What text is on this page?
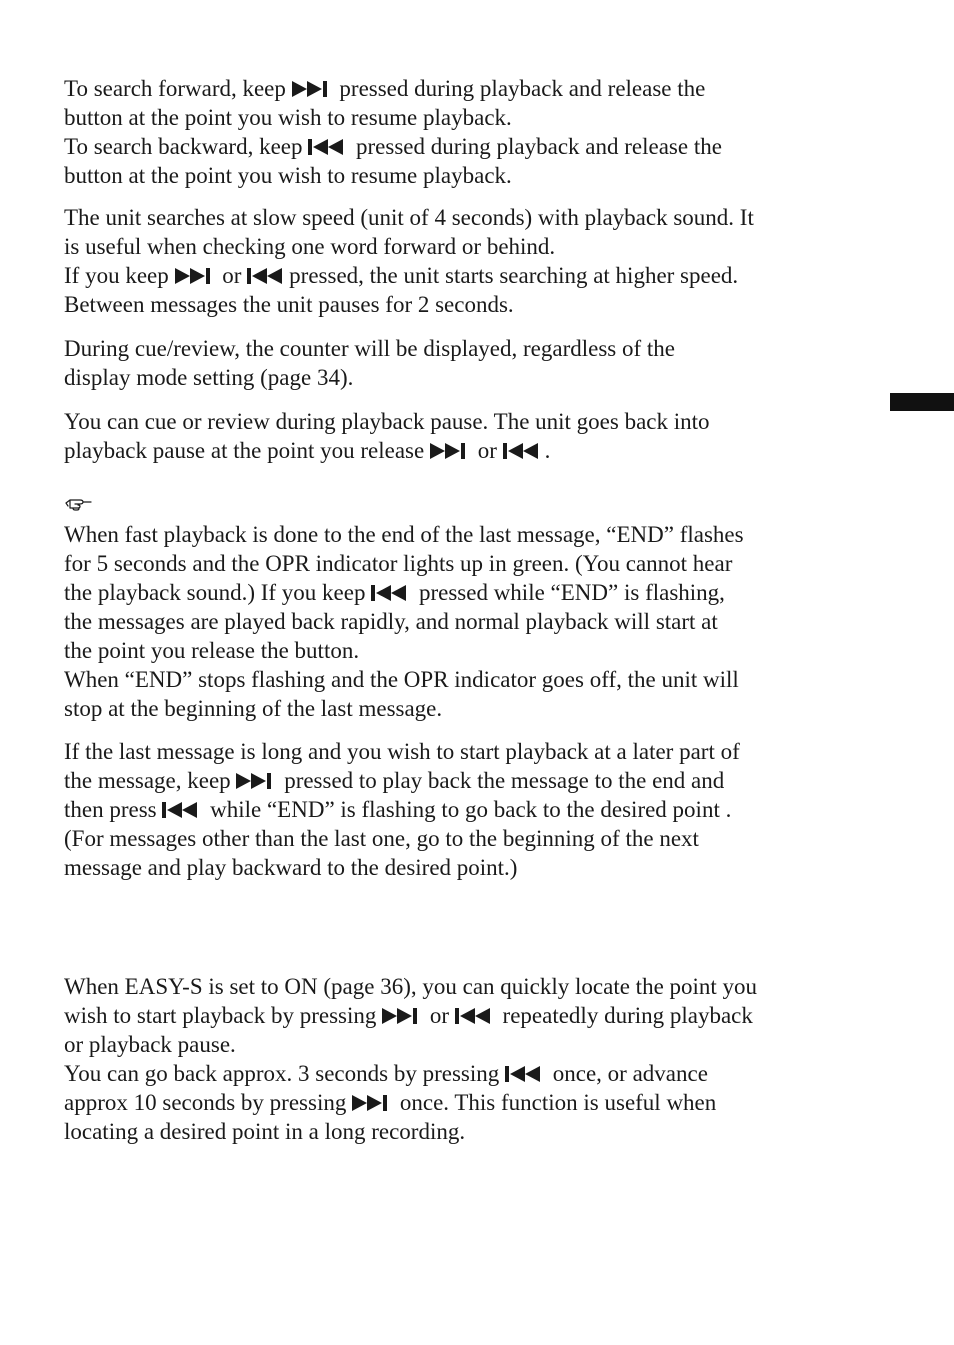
To search forward, keep
pressed during playback and release the
button at the point you wish to resume playback.
To search backward, keep
pressed during playback and release the
button at the point you wish to resume playback.
The unit searches at slow speed (unit of 4 seconds) with playback sound. It
is useful when checking one word forward or behind.
If you keep
or
pressed, the unit starts searching at higher speed.
Between messages the unit pauses for 2 seconds.
During cue/review, the counter will be displayed, regardless of the
display mode setting (page 34).
You can cue or review during playback pause. The unit goes back into
playback pause at the point you release
or
.
When fast playback is done to the end of the last message, “END” flashes
for 5 seconds and the OPR indicator lights up in green. (You cannot hear
the playback sound.) If you keep
pressed while “END” is flashing,
the messages are played back rapidly, and normal playback will start at
the point you release the button.
When “END” stops flashing and the OPR indicator goes off, the unit will
stop at the beginning of the last message.
If the last message is long and you wish to start playback at a later part of
the message, keep
pressed to play back the message to the end and
then press
while “END” is flashing to go back to the desired point .
(For messages other than the last one, go to the beginning of the next
message and play backward to the desired point.)
When EASY-S is set to ON (page 36), you can quickly locate the point you
wish to start playback by pressing
or
repeatedly during playback
or playback pause.
You can go back approx. 3 seconds by pressing
once, or advance
approx 10 seconds by pressing
once. This function is useful when
locating a desired point in a long recording.
